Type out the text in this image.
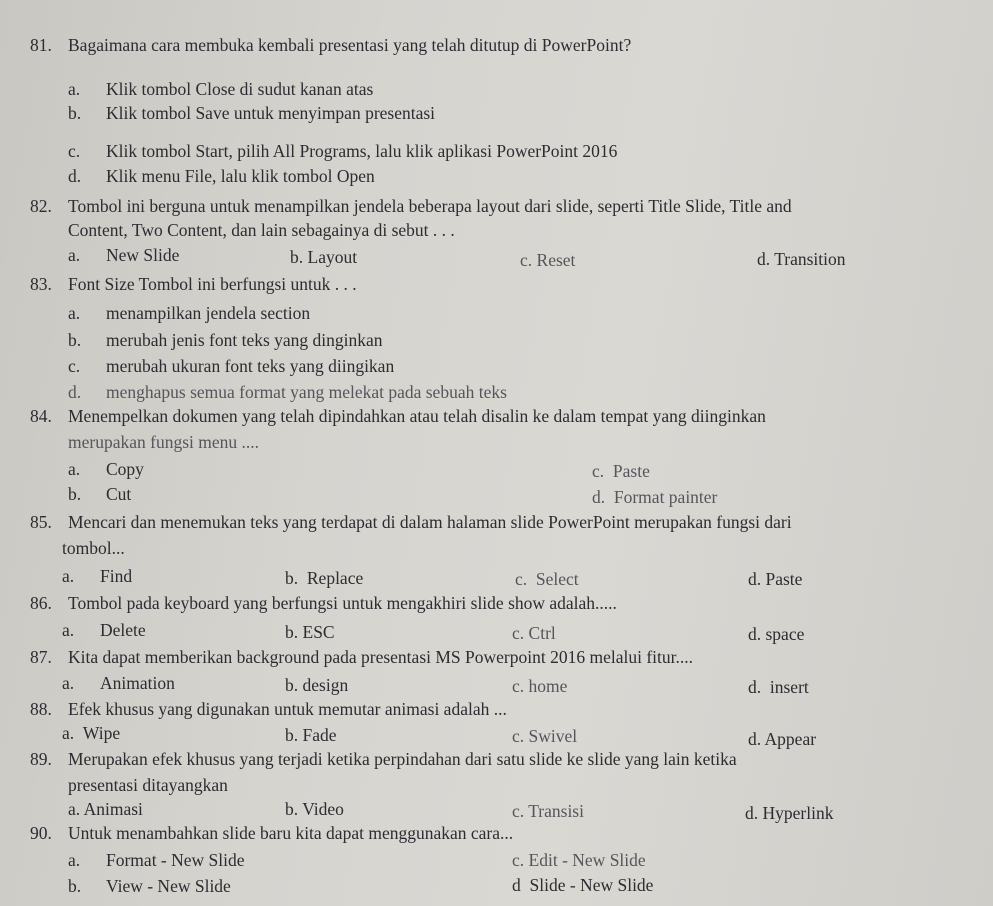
81. Bagaimana cara membuka kembali presentasi yang telah ditutup di PowerPoint?
a. Klik tombol Close di sudut kanan atas
b. Klik tombol Save untuk menyimpan presentasi
c. Klik tombol Start, pilih All Programs, lalu klik aplikasi PowerPoint 2016
d. Klik menu File, lalu klik tombol Open
82. Tombol ini berguna untuk menampilkan jendela beberapa layout dari slide, seperti Title Slide, Title and
Content, Two Content, dan lain sebagainya di sebut . . .
a. New Slide	b. Layout	c. Reset	d. Transition
83. Font Size Tombol ini berfungsi untuk . . .
a. menampilkan jendela section
b. merubah jenis font teks yang dinginkan
c. merubah ukuran font teks yang diingikan
d. menghapus semua format yang melekat pada sebuah teks
84. Menempelkan dokumen yang telah dipindahkan atau telah disalin ke dalam tempat yang diinginkan
merupakan fungsi menu ....
a. Copy	c. Paste
b. Cut	d. Format painter
85. Mencari dan menemukan teks yang terdapat di dalam halaman slide PowerPoint merupakan fungsi dari
tombol...
a. Find	b. Replace	c. Select	d. Paste
86. Tombol pada keyboard yang berfungsi untuk mengakhiri slide show adalah.....
a. Delete	b. ESC	c. Ctrl	d. space
87. Kita dapat memberikan background pada presentasi MS Powerpoint 2016 melalui fitur....
a. Animation	b. design	c. home	d. insert
88. Efek khusus yang digunakan untuk memutar animasi adalah ...
a. Wipe	b. Fade	c. Swivel	d. Appear
89. Merupakan efek khusus yang terjadi ketika perpindahan dari satu slide ke slide yang lain ketika
presentasi ditayangkan
a. Animasi	b. Video	c. Transisi	d. Hyperlink
90. Untuk menambahkan slide baru kita dapat menggunakan cara...
a. Format - New Slide	c. Edit - New Slide
b. View - New Slide	d Slide - New Slide
